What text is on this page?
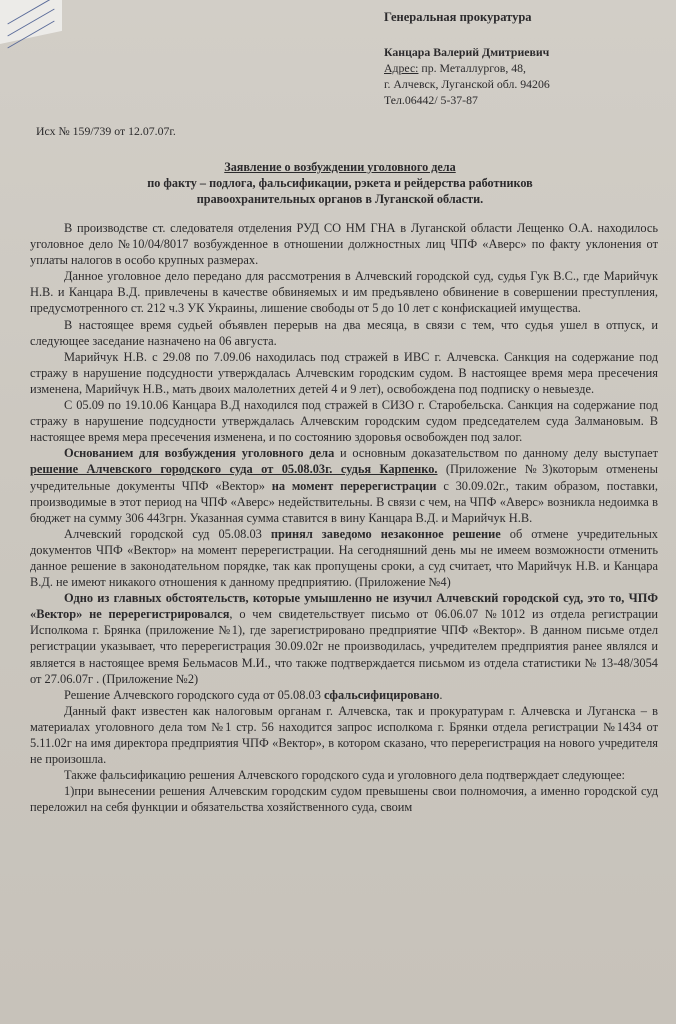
Генеральная прокуратура
Канцара Валерий Дмитриевич
Адрес: пр. Металлургов, 48,
г. Алчевск, Луганской обл. 94206
Тел.06442/ 5-37-87
Исх № 159/739 от 12.07.07г.
Заявление о возбуждении уголовного дела
по факту – подлога, фальсификации, рэкета и рейдерства работников
правоохранительных органов в Луганской области.

В производстве ст. следователя отделения РУД СО НМ ГНА в Луганской области Лещенко О.А. находилось уголовное дело №10/04/8017 возбужденное в отношении должностных лиц ЧПФ «Аверс» по факту уклонения от уплаты налогов в особо крупных размерах.

Данное уголовное дело передано для рассмотрения в Алчевский городской суд, судья Гук В.С., где Марийчук Н.В. и Канцара В.Д. привлечены в качестве обвиняемых и им предъявлено обвинение в совершении преступления, предусмотренного ст. 212 ч.3 УК Украины, лишение свободы от 5 до 10 лет с конфискацией имущества.

В настоящее время судьей объявлен перерыв на два месяца, в связи с тем, что судья ушел в отпуск, и следующее заседание назначено на 06 августа.

Марийчук Н.В. с 29.08 по 7.09.06 находилась под стражей в ИВС г. Алчевска. Санкция на содержание под стражу в нарушение подсудности утверждалась Алчевским городским судом. В настоящее время мера пресечения изменена, Марийчук Н.В., мать двоих малолетних детей 4 и 9 лет), освобождена под подписку о невыезде.

С 05.09 по 19.10.06 Канцара В.Д находился под стражей в СИЗО г. Старобельска. Санкция на содержание под стражу в нарушение подсудности утверждалась Алчевским городским судом председателем суда Залмановым. В настоящее время мера пресечения изменена, и по состоянию здоровья освобожден под залог.

Основанием для возбуждения уголовного дела и основным доказательством по данному делу выступает решение Алчевского городского суда от 05.08.03г. судья Карпенко. (Приложение №3)которым отменены учредительные документы ЧПФ «Вектор» на момент перерегистрации с 30.09.02г., таким образом, поставки, производимые в этот период на ЧПФ «Аверс» недействительны. В связи с чем, на ЧПФ «Аверс» возникла недоимка в бюджет на сумму 306 443грн. Указанная сумма ставится в вину Канцара В.Д. и Марийчук Н.В.

Алчевский городской суд 05.08.03 принял заведомо незаконное решение об отмене учредительных документов ЧПФ «Вектор» на момент перерегистрации. На сегодняшний день мы не имеем возможности отменить данное решение в законодательном порядке, так как пропущены сроки, а суд считает, что Марийчук Н.В. и Канцара В.Д. не имеют никакого отношения к данному предприятию. (Приложение №4)

Одно из главных обстоятельств, которые умышленно не изучил Алчевский городской суд, это то, ЧПФ «Вектор» не перерегистрировался, о чем свидетельствует письмо от 06.06.07 №1012 из отдела регистрации Исполкома г. Брянка (приложение №1), где зарегистрировано предприятие ЧПФ «Вектор». В данном письме отдел регистрации указывает, что перерегистрация 30.09.02г не производилась, учредителем предприятия ранее являлся и является в настоящее время Бельмасов М.И., что также подтверждается письмом из отдела статистики № 13-48/3054 от 27.06.07г . (Приложение №2)

Решение Алчевского городского суда от 05.08.03 сфальсифицировано.

Данный факт известен как налоговым органам г. Алчевска, так и прокуратурам г. Алчевска и Луганска – в материалах уголовного дела том №1 стр. 56 находится запрос исполкома г. Брянки отдела регистрации №1434 от 5.11.02г на имя директора предприятия ЧПФ «Вектор», в котором сказано, что перерегистрация на нового учредителя не произошла.

Также фальсификацию решения Алчевского городского суда и уголовного дела подтверждает следующее:

1)при вынесении решения Алчевским городским судом превышены свои полномочия, а именно городской суд переложил на себя функции и обязательства хозяйственного суда, своим
